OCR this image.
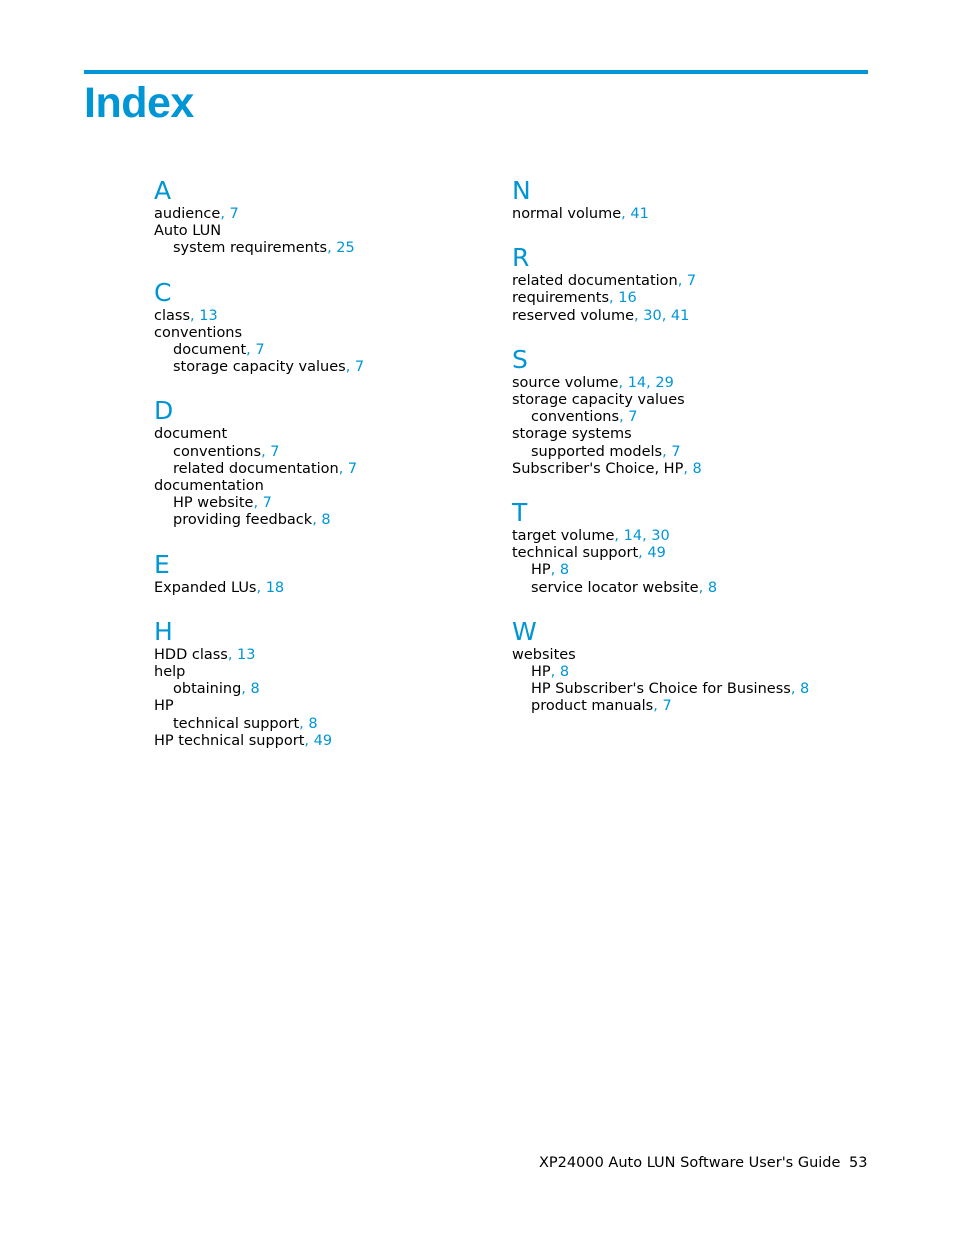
Index
A
audience, 7
Auto LUN
system requirements, 25
C
class, 13
conventions
document, 7
storage capacity values, 7
D
document
conventions, 7
related documentation, 7
documentation
HP website, 7
providing feedback, 8
E
Expanded LUs, 18
H
HDD class, 13
help
obtaining, 8
HP
technical support, 8
HP technical support, 49
N
normal volume, 41
R
related documentation, 7
requirements, 16
reserved volume, 30, 41
S
source volume, 14, 29
storage capacity values
conventions, 7
storage systems
supported models, 7
Subscriber's Choice, HP, 8
T
target volume, 14, 30
technical support, 49
HP, 8
service locator website, 8
W
websites
HP, 8
HP Subscriber's Choice for Business, 8
product manuals, 7
XP24000 Auto LUN Software User's Guide 53
